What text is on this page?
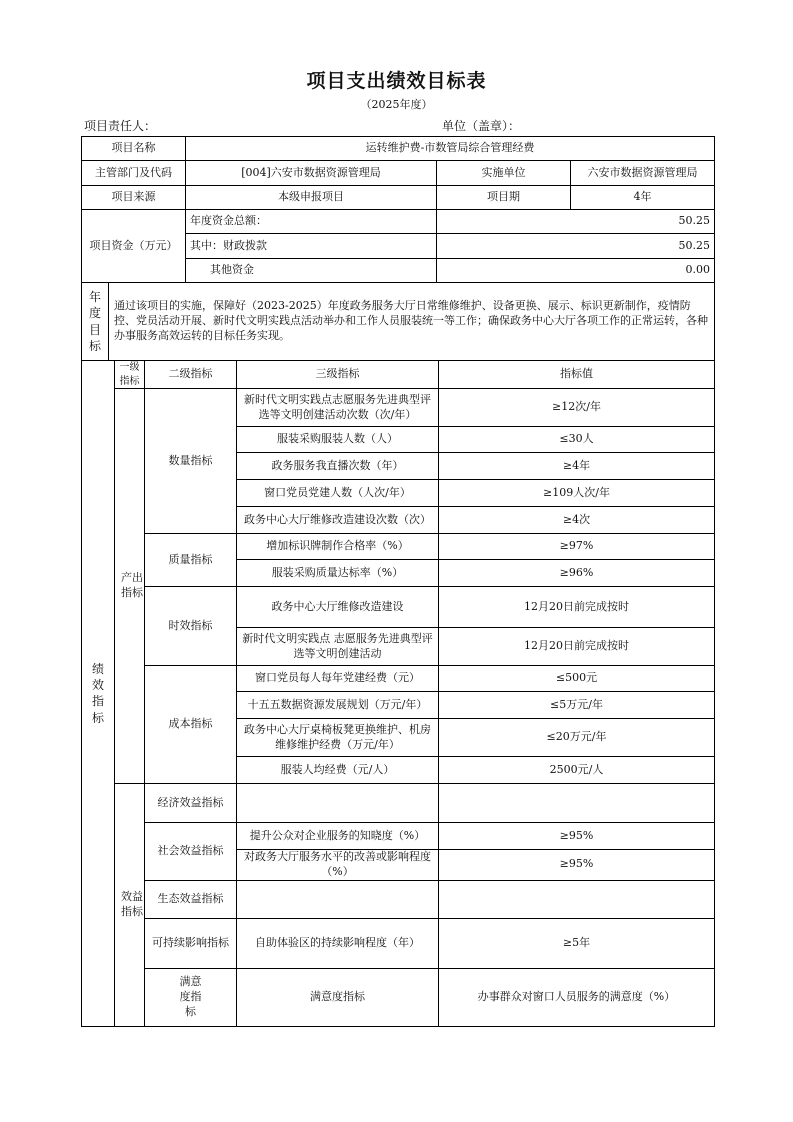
项目支出绩效目标表
（2025年度）
项目责任人：	单位（盖章）：
项目名称	运转维护费-市数管局综合管理经费		
主管部门及代码	[004]六安市数据资源管理局	实施单位	六安市数据资源管理局
项目来源	本级申报项目	项目期	4年
项目资金（万元）	年度资金总额：	50.25
	其中：财政拨款	50.25
	其他资金	0.00
年度目标	通过该项目的实施，保障好（2023-2025）年度政务服务大厅日常维修维护、设备更换、展示、标识更新制作，疫情防控、党员活动开展、新时代文明实践点活动举办和工作人员服装统一等工作；确保政务中心大厅各项工作的正常运转，各种办事服务高效运转的目标任务实现。
绩效指标	一级指标	二级指标	三级指标	指标值	

	产出指标	数量指标	新时代文明实践点志愿服务先进典型评选等文明创建活动次数（次/年）	≥12次/年	
			服装采购服装人数（人）	≤30人	
			政务服务我直播次数（年）	≥4年	
			窗口党员党建人数（人次/年）	≥109人次/年	
			政务中心大厅维修改造建设次数（次）	≥4次	
		质量指标	增加标识牌制作合格率（%）	≥97%	
			服装采购质量达标率（%）	≥96%	
		时效指标	政务中心大厅维修改造建设	12月20日前完成按时	
			新时代文明实践点 志愿服务先进典型评选等文明创建活动	12月20日前完成按时	
		成本指标	窗口党员每人每年党建经费（元）	≤500元	
			十五五数据资源发展规划（万元/年）	≤5万元/年	
			政务中心大厅桌椅板凳更换维护、机房维修维护经费（万元/年）	≤20万元/年	
			服装人均经费（元/人）	2500元/人	

	效益指标	经济效益指标			
		社会效益指标	提升公众对企业服务的知晓度（%）	≥95%	
			对政务大厅服务水平的改善或影响程度（%）	≥95%	
		生态效益指标			
		可持续影响指标	自助体验区的持续影响程度（年）	≥5年	

		满意度指标	满意度指标	办事群众对窗口人员服务的满意度（%）	
